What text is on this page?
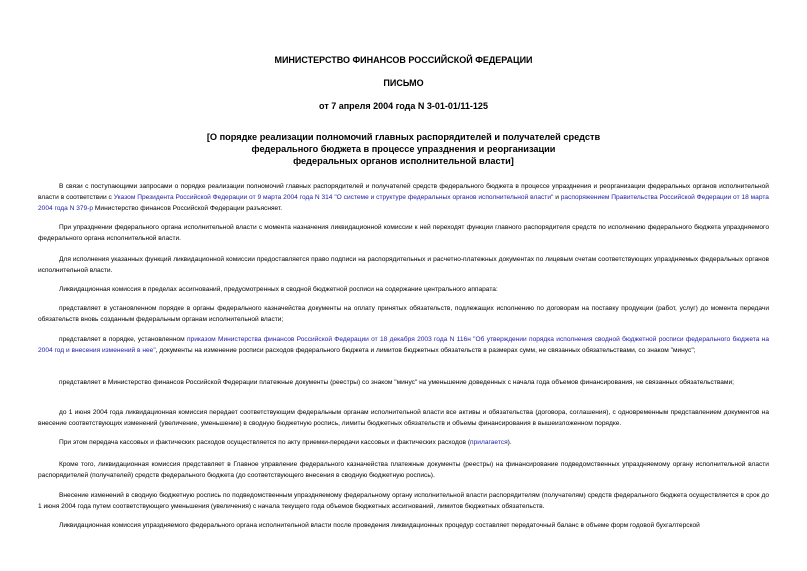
МИНИСТЕРСТВО ФИНАНСОВ РОССИЙСКОЙ ФЕДЕРАЦИИ
ПИСЬМО
от 7 апреля 2004 года N 3-01-01/11-125
[О порядке реализации полномочий главных распорядителей и получателей средств
федерального бюджета в процессе упразднения и реорганизации
федеральных органов исполнительной власти]

В связи с поступающими запросами о порядке реализации полномочий главных распорядителей и получателей средств федерального бюджета в процессе упразднения и реорганизации федеральных органов исполнительной власти в соответствии с Указом Президента Российской Федерации от 9 марта 2004 года N 314 "О системе и структуре федеральных органов исполнительной власти" и распоряжением Правительства Российской Федерации от 18 марта 2004 года N 379-р Министерство финансов Российской Федерации разъясняет.

При упразднении федерального органа исполнительной власти с момента назначения ликвидационной комиссии к ней переходят функции главного распорядителя средств по исполнению федерального бюджета упраздняемого федерального органа исполнительной власти.

Для исполнения указанных функций ликвидационной комиссии предоставляется право подписи на распорядительных и расчетно-платежных документах по лицевым счетам соответствующих упраздняемых федеральных органов исполнительной власти.

Ликвидационная комиссия в пределах ассигнований, предусмотренных в сводной бюджетной росписи на содержание центрального аппарата:

представляет в установленном порядке в органы федерального казначейства документы на оплату принятых обязательств, подлежащих исполнению по договорам на поставку продукции (работ, услуг) до момента передачи обязательств вновь созданным федеральным органам исполнительной власти;

представляет в порядке, установленном приказом Министерства финансов Российской Федерации от 18 декабря 2003 года N 116н "Об утверждении порядка исполнения сводной бюджетной росписи федерального бюджета на 2004 год и внесения изменений в нее", документы на изменение росписи расходов федерального бюджета и лимитов бюджетных обязательств в размерах сумм, не связанных обязательствами, со знаком "минус";

представляет в Министерство финансов Российской Федерации платежные документы (реестры) со знаком "минус" на уменьшение доведенных с начала года объемов финансирования, не связанных обязательствами;

до 1 июня 2004 года ликвидационная комиссия передает соответствующим федеральным органам исполнительной власти все активы и обязательства (договора, соглашения), с одновременным представлением документов на внесение соответствующих изменений (увеличение, уменьшение) в сводную бюджетную роспись, лимиты бюджетных обязательств и объемы финансирования в вышеизложенном порядке.

При этом передача кассовых и фактических расходов осуществляется по акту приемки-передачи кассовых и фактических расходов (прилагается).

Кроме того, ликвидационная комиссия представляет в Главное управление федерального казначейства платежные документы (реестры) на финансирование подведомственных упраздняемому органу исполнительной власти распорядителей (получателей) средств федерального бюджета (до соответствующего внесения в сводную бюджетную роспись).

Внесение изменений в сводную бюджетную роспись по подведомственным упраздняемому федеральному органу исполнительной власти распорядителям (получателям) средств федерального бюджета осуществляется в срок до 1 июня 2004 года путем соответствующего уменьшения (увеличения) с начала текущего года объемов бюджетных ассигнований, лимитов бюджетных обязательств.

Ликвидационная комиссия упраздняемого федерального органа исполнительной власти после проведения ликвидационных процедур составляет передаточный баланс в объеме форм годовой бухгалтерской
